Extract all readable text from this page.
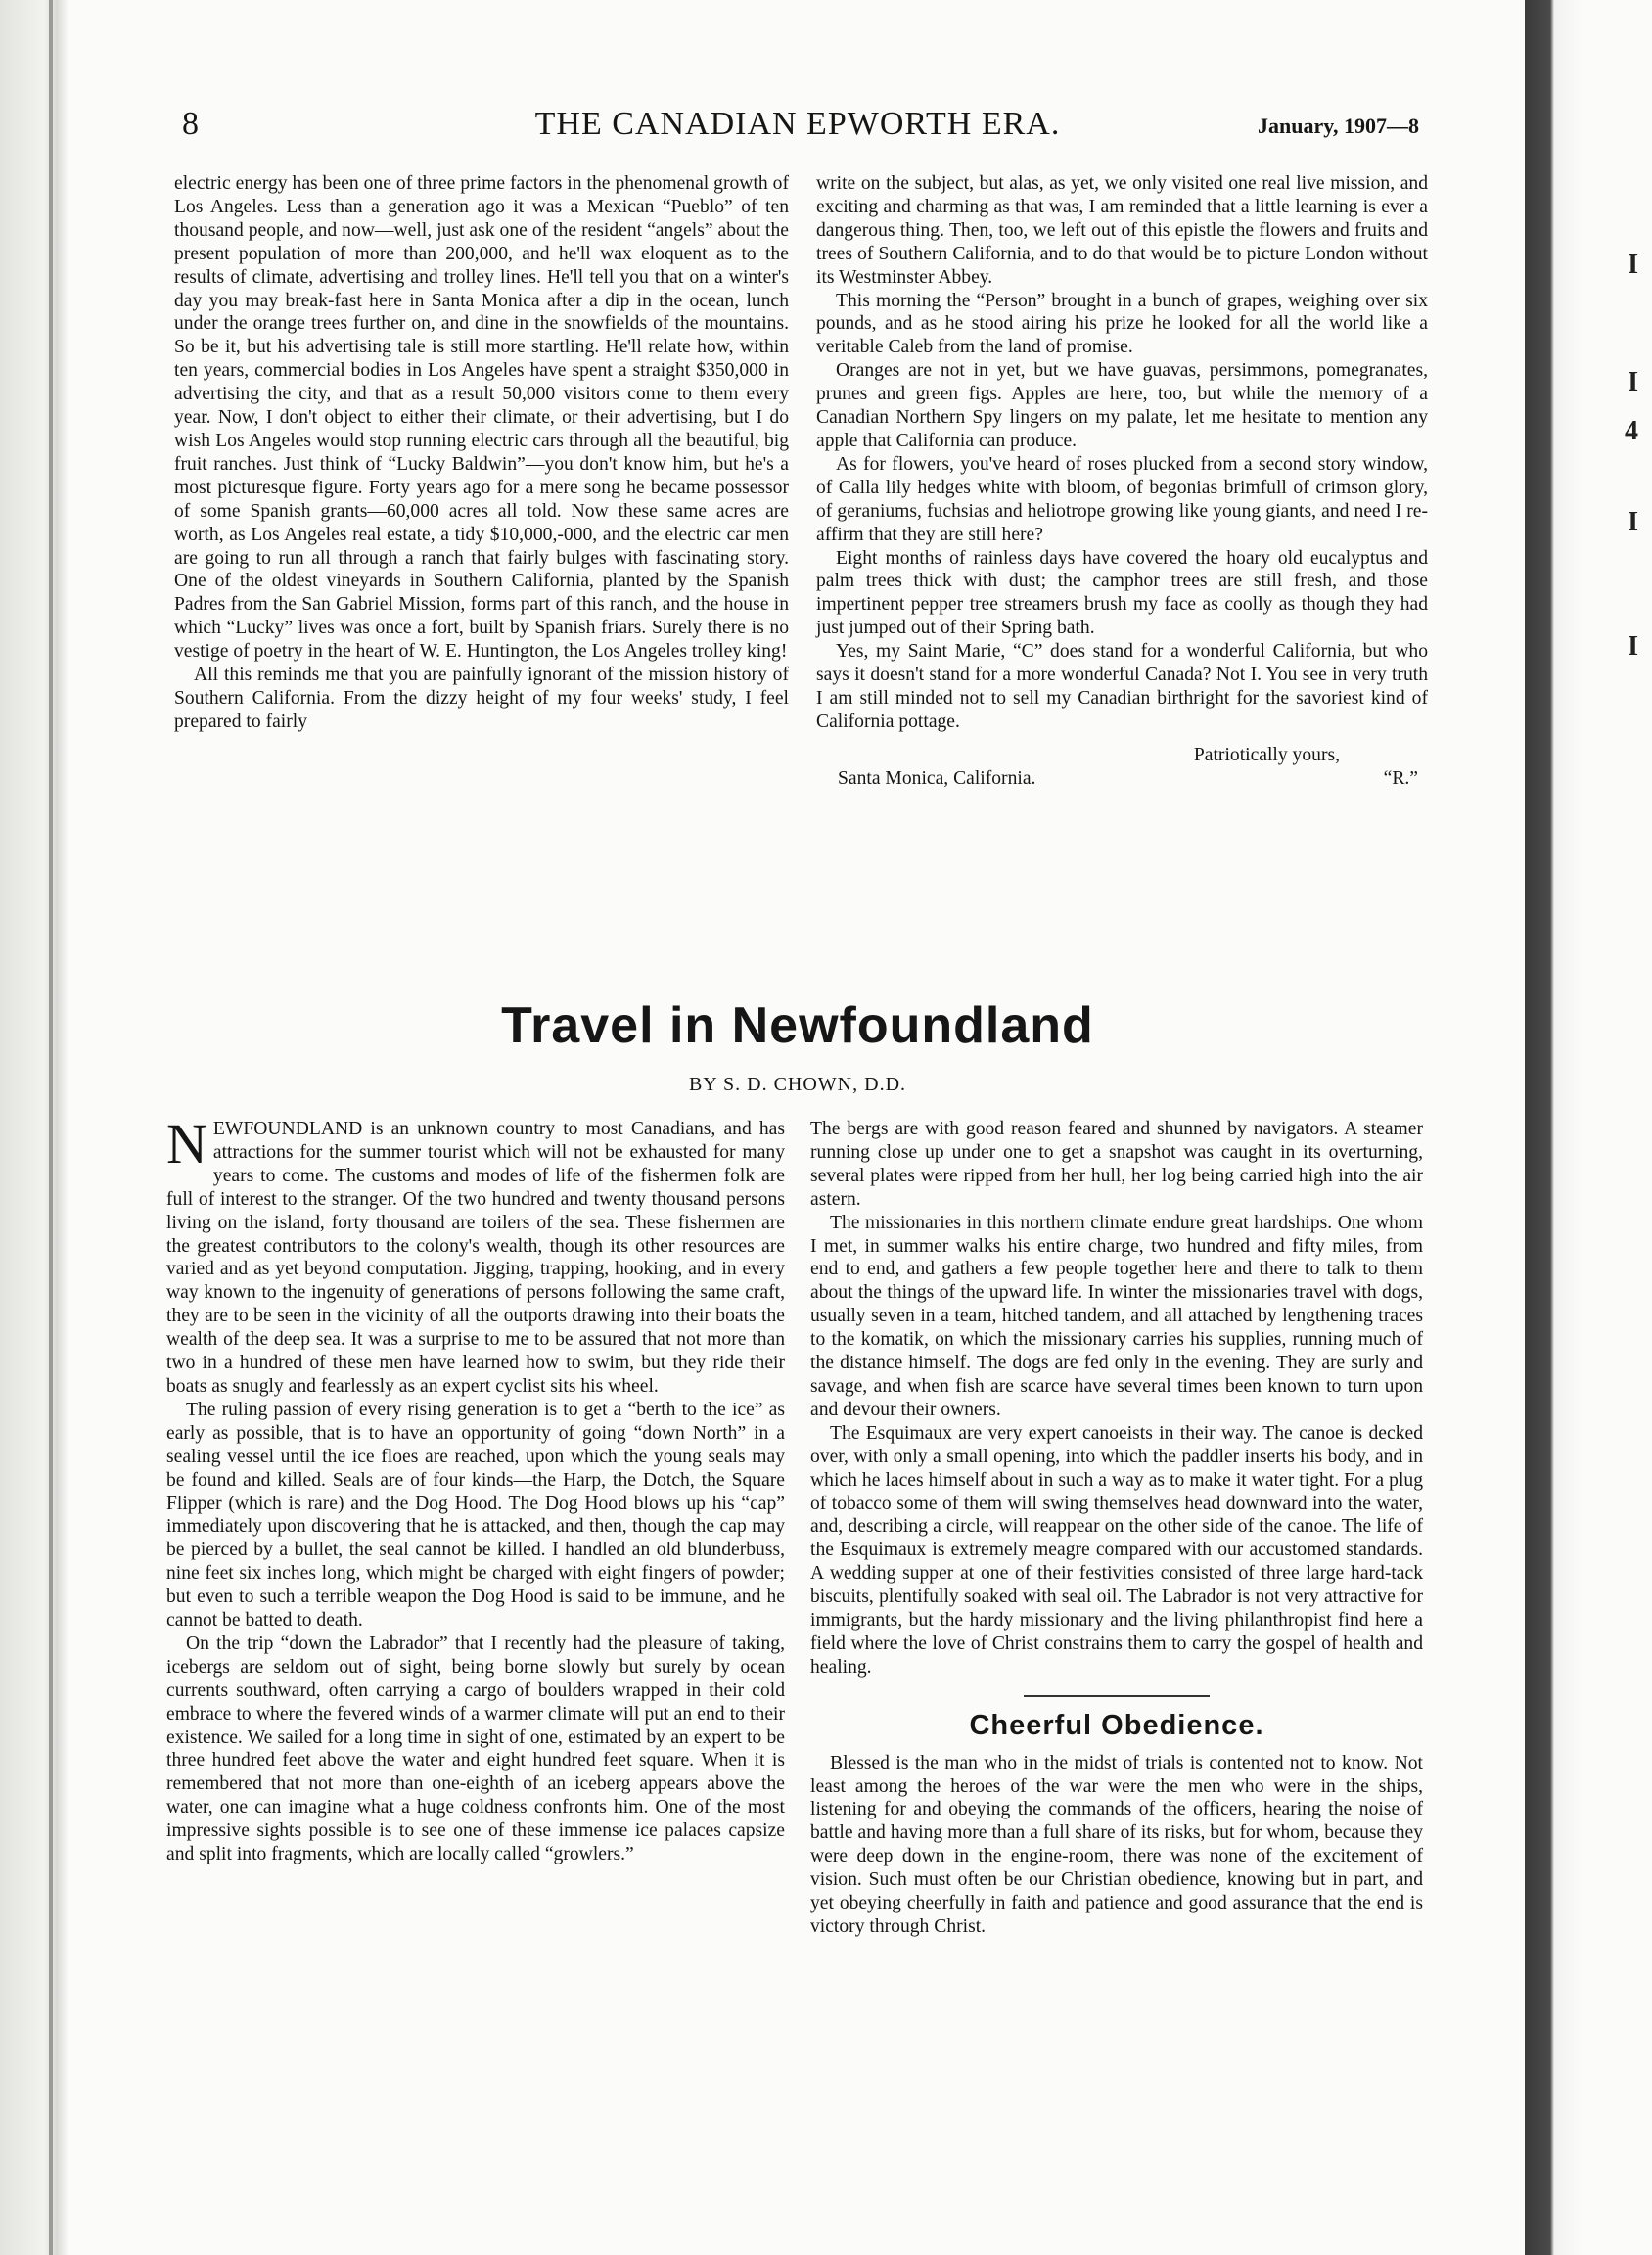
I
I
4
I
I
8	THE CANADIAN EPWORTH ERA.	January, 1907—8

electric energy has been one of three prime factors in the phenomenal growth of Los Angeles. Less than a generation ago it was a Mexican “Pueblo” of ten thousand people, and now—well, just ask one of the resident “angels” about the present population of more than 200,000, and he'll wax eloquent as to the results of climate, advertising and trolley lines. He'll tell you that on a winter's day you may break-fast here in Santa Monica after a dip in the ocean, lunch under the orange trees further on, and dine in the snowfields of the mountains. So be it, but his advertising tale is still more startling. He'll relate how, within ten years, commercial bodies in Los Angeles have spent a straight $350,000 in advertising the city, and that as a result 50,000 visitors come to them every year. Now, I don't object to either their climate, or their advertising, but I do wish Los Angeles would stop running electric cars through all the beautiful, big fruit ranches. Just think of “Lucky Baldwin”—you don't know him, but he's a most picturesque figure. Forty years ago for a mere song he became possessor of some Spanish grants—60,000 acres all told. Now these same acres are worth, as Los Angeles real estate, a tidy $10,000,-000, and the electric car men are going to run all through a ranch that fairly bulges with fascinating story. One of the oldest vineyards in Southern California, planted by the Spanish Padres from the San Gabriel Mission, forms part of this ranch, and the house in which “Lucky” lives was once a fort, built by Spanish friars. Surely there is no vestige of poetry in the heart of W. E. Huntington, the Los Angeles trolley king!

All this reminds me that you are painfully ignorant of the mission history of Southern California. From the dizzy height of my four weeks' study, I feel prepared to fairly

write on the subject, but alas, as yet, we only visited one real live mission, and exciting and charming as that was, I am reminded that a little learning is ever a dangerous thing. Then, too, we left out of this epistle the flowers and fruits and trees of Southern California, and to do that would be to picture London without its Westminster Abbey.

This morning the “Person” brought in a bunch of grapes, weighing over six pounds, and as he stood airing his prize he looked for all the world like a veritable Caleb from the land of promise.

Oranges are not in yet, but we have guavas, persimmons, pomegranates, prunes and green figs. Apples are here, too, but while the memory of a Canadian Northern Spy lingers on my palate, let me hesitate to mention any apple that California can produce.

As for flowers, you've heard of roses plucked from a second story window, of Calla lily hedges white with bloom, of begonias brimfull of crimson glory, of geraniums, fuchsias and heliotrope growing like young giants, and need I re-affirm that they are still here?

Eight months of rainless days have covered the hoary old eucalyptus and palm trees thick with dust; the camphor trees are still fresh, and those impertinent pepper tree streamers brush my face as coolly as though they had just jumped out of their Spring bath.

Yes, my Saint Marie, “C” does stand for a wonderful California, but who says it doesn't stand for a more wonderful Canada? Not I. You see in very truth I am still minded not to sell my Canadian birthright for the savoriest kind of California pottage.

Patriotically yours,
Santa Monica, California.	“R.”
Travel in Newfoundland
BY S. D. CHOWN, D.D.

NEWFOUNDLAND is an unknown country to most Canadians, and has attractions for the summer tourist which will not be exhausted for many years to come. The customs and modes of life of the fishermen folk are full of interest to the stranger. Of the two hundred and twenty thousand persons living on the island, forty thousand are toilers of the sea. These fishermen are the greatest contributors to the colony's wealth, though its other resources are varied and as yet beyond computation. Jigging, trapping, hooking, and in every way known to the ingenuity of generations of persons following the same craft, they are to be seen in the vicinity of all the outports drawing into their boats the wealth of the deep sea. It was a surprise to me to be assured that not more than two in a hundred of these men have learned how to swim, but they ride their boats as snugly and fearlessly as an expert cyclist sits his wheel.

The ruling passion of every rising generation is to get a “berth to the ice” as early as possible, that is to have an opportunity of going “down North” in a sealing vessel until the ice floes are reached, upon which the young seals may be found and killed. Seals are of four kinds—the Harp, the Dotch, the Square Flipper (which is rare) and the Dog Hood. The Dog Hood blows up his “cap” immediately upon discovering that he is attacked, and then, though the cap may be pierced by a bullet, the seal cannot be killed. I handled an old blunderbuss, nine feet six inches long, which might be charged with eight fingers of powder; but even to such a terrible weapon the Dog Hood is said to be immune, and he cannot be batted to death.

On the trip “down the Labrador” that I recently had the pleasure of taking, icebergs are seldom out of sight, being borne slowly but surely by ocean currents southward, often carrying a cargo of boulders wrapped in their cold embrace to where the fevered winds of a warmer climate will put an end to their existence. We sailed for a long time in sight of one, estimated by an expert to be three hundred feet above the water and eight hundred feet square. When it is remembered that not more than one-eighth of an iceberg appears above the water, one can imagine what a huge coldness confronts him. One of the most impressive sights possible is to see one of these immense ice palaces capsize and split into fragments, which are locally called “growlers.”

The bergs are with good reason feared and shunned by navigators. A steamer running close up under one to get a snapshot was caught in its overturning, several plates were ripped from her hull, her log being carried high into the air astern.

The missionaries in this northern climate endure great hardships. One whom I met, in summer walks his entire charge, two hundred and fifty miles, from end to end, and gathers a few people together here and there to talk to them about the things of the upward life. In winter the missionaries travel with dogs, usually seven in a team, hitched tandem, and all attached by lengthening traces to the komatik, on which the missionary carries his supplies, running much of the distance himself. The dogs are fed only in the evening. They are surly and savage, and when fish are scarce have several times been known to turn upon and devour their owners.

The Esquimaux are very expert canoeists in their way. The canoe is decked over, with only a small opening, into which the paddler inserts his body, and in which he laces himself about in such a way as to make it water tight. For a plug of tobacco some of them will swing themselves head downward into the water, and, describing a circle, will reappear on the other side of the canoe. The life of the Esquimaux is extremely meagre compared with our accustomed standards. A wedding supper at one of their festivities consisted of three large hard-tack biscuits, plentifully soaked with seal oil. The Labrador is not very attractive for immigrants, but the hardy missionary and the living philanthropist find here a field where the love of Christ constrains them to carry the gospel of health and healing.

Cheerful Obedience.

Blessed is the man who in the midst of trials is contented not to know. Not least among the heroes of the war were the men who were in the ships, listening for and obeying the commands of the officers, hearing the noise of battle and having more than a full share of its risks, but for whom, because they were deep down in the engine-room, there was none of the excitement of vision. Such must often be our Christian obedience, knowing but in part, and yet obeying cheerfully in faith and patience and good assurance that the end is victory through Christ.
